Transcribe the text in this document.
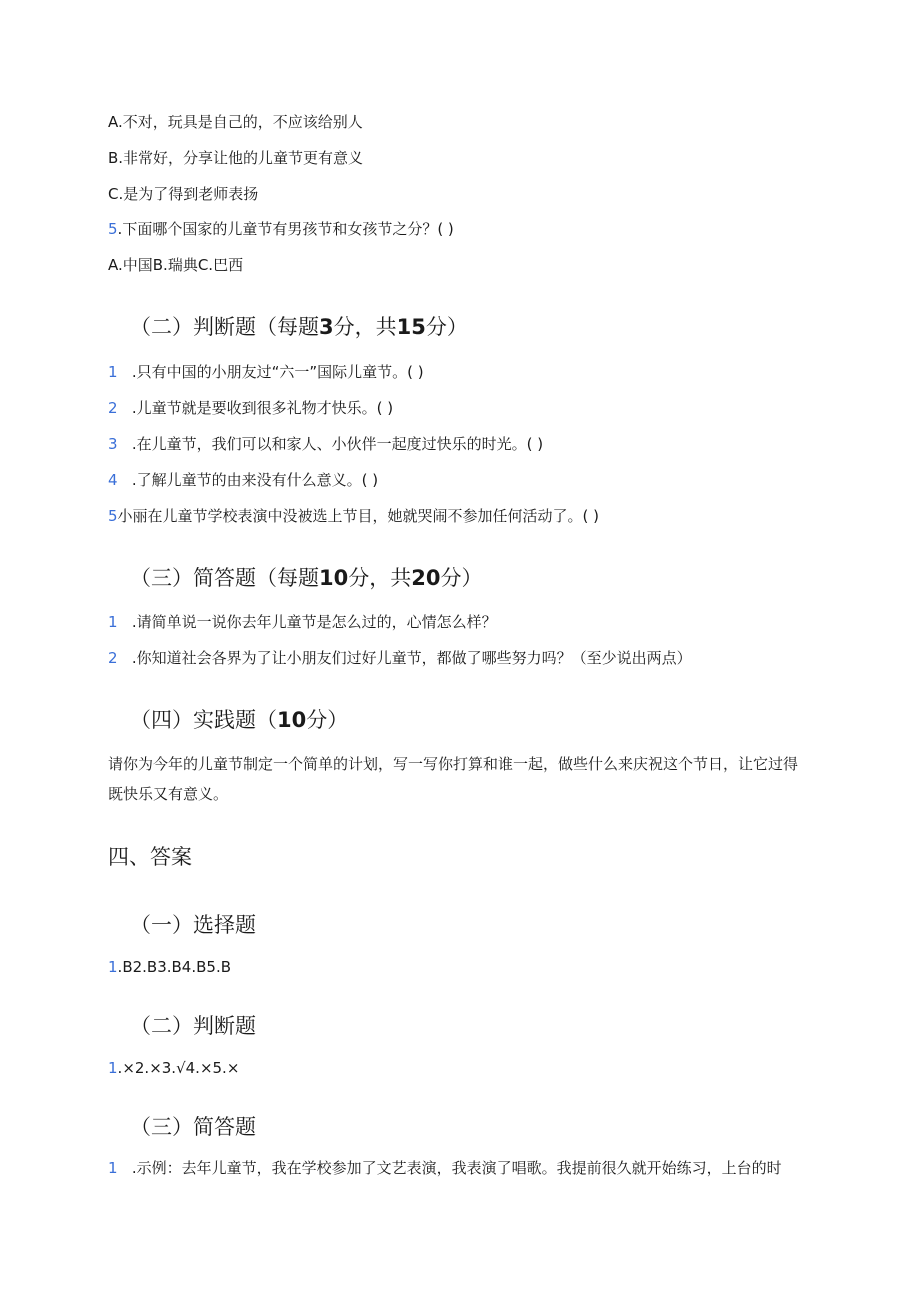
A.不对，玩具是自己的，不应该给别人
B.非常好，分享让他的儿童节更有意义
C.是为了得到老师表扬
5.下面哪个国家的儿童节有男孩节和女孩节之分？( )
A.中国B.瑞典C.巴西
（二）判断题（每题3分，共15分）
1 .只有中国的小朋友过“六一”国际儿童节。( )
2 .儿童节就是要收到很多礼物才快乐。( )
3 .在儿童节，我们可以和家人、小伙伴一起度过快乐的时光。( )
4 .了解儿童节的由来没有什么意义。( )
5小丽在儿童节学校表演中没被选上节目，她就哭闹不参加任何活动了。( )
（三）简答题（每题10分，共20分）
1 .请简单说一说你去年儿童节是怎么过的，心情怎么样？
2 .你知道社会各界为了让小朋友们过好儿童节，都做了哪些努力吗？（至少说出两点）
（四）实践题（10分）
请你为今年的儿童节制定一个简单的计划，写一写你打算和谁一起，做些什么来庆祝这个节日，让它过得既快乐又有意义。
四、答案
（一）选择题
1.B2.B3.B4.B5.B
（二）判断题
1.×2.×3.√4.×5.×
（三）简答题
1 .示例：去年儿童节，我在学校参加了文艺表演，我表演了唱歌。我提前很久就开始练习，上台的时
